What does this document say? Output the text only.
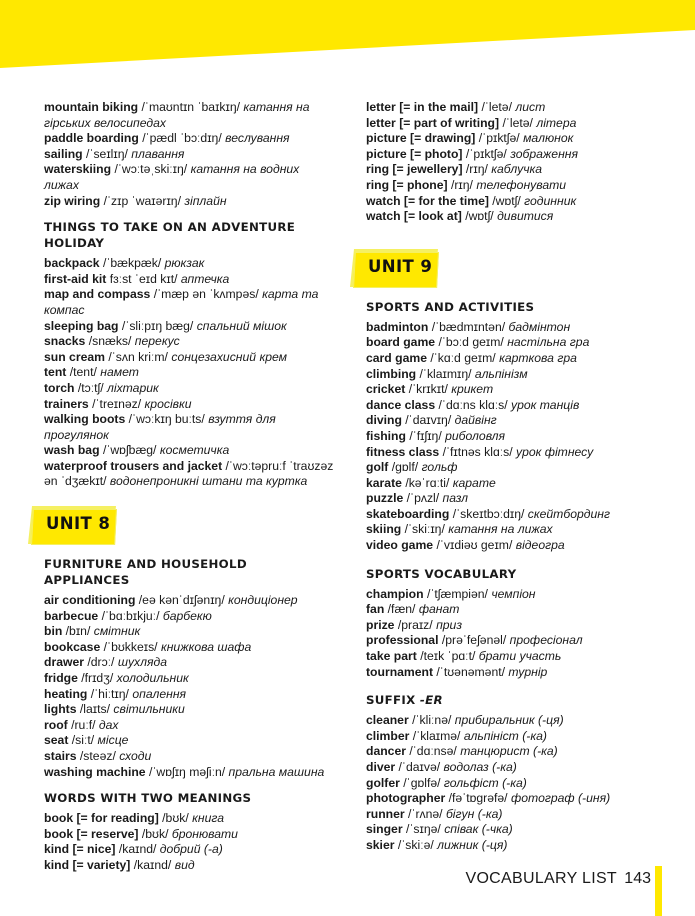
mountain biking /ˈmaʊntɪn ˈbaɪkɪŋ/ катання на гірських велосипедах

paddle boarding /ˈpædl ˈbɔːdɪŋ/ веслування

sailing /ˈseɪlɪŋ/ плавання

waterskiing /ˈwɔːtəˌskiːɪŋ/ катання на водних лижах

zip wiring /ˈzɪp ˈwaɪərɪŋ/ зіплайн

THINGS TO TAKE ON AN ADVENTURE HOLIDAY

backpack /ˈbækpæk/ рюкзак

first-aid kit fɜːst ˈeɪd kɪt/ аптечка

map and compass /ˈmæp ən ˈkʌmpəs/ карта та компас

sleeping bag /ˈsliːpɪŋ bæg/ спальний мішок

snacks /snæks/ перекус

sun cream /ˈsʌn kriːm/ сонцезахисний крем

tent /tent/ намет

torch /tɔːtʃ/ ліхтарик

trainers /ˈtreɪnəz/ кросівки

walking boots /ˈwɔːkɪŋ buːts/ взуття для прогулянок

wash bag /ˈwɒʃbæg/ косметичка

waterproof trousers and jacket /ˈwɔːtəpruːf ˈtraʊzəz ən ˈdʒækɪt/ водонепроникні штани та куртка

UNIT 8
FURNITURE AND HOUSEHOLD APPLIANCES

air conditioning /eə kənˈdɪʃənɪŋ/ кондиціонер

barbecue /ˈbɑːbɪkjuː/ барбекю

bin /bɪn/ смітник

bookcase /ˈbʊkkeɪs/ книжкова шафа

drawer /drɔː/ шухляда

fridge /frɪdʒ/ холодильник

heating /ˈhiːtɪŋ/ опалення

lights /laɪts/ світильники

roof /ruːf/ дах

seat /siːt/ місце

stairs /steəz/ сходи

washing machine /ˈwɒʃɪŋ məʃiːn/ пральна машина

WORDS WITH TWO MEANINGS

book [= for reading] /bʊk/ книга

book [= reserve] /bʊk/ бронювати

kind [= nice] /kaɪnd/ добрий (-а)

kind [= variety] /kaɪnd/ вид

letter [= in the mail] /ˈletə/ лист

letter [= part of writing] /ˈletə/ літера

picture [= drawing] /ˈpɪktʃə/ малюнок

picture [= photo] /ˈpɪktʃə/ зображення

ring [= jewellery] /rɪŋ/ каблучка

ring [= phone] /rɪŋ/ телефонувати

watch [= for the time] /wɒtʃ/ годинник

watch [= look at] /wɒtʃ/ дивитися

UNIT 9
SPORTS AND ACTIVITIES

badminton /ˈbædmɪntən/ бадмінтон

board game /ˈbɔːd geɪm/ настільна гра

card game /ˈkɑːd geɪm/ карткова гра

climbing /ˈklaɪmɪŋ/ альпінізм

cricket /ˈkrɪkɪt/ крикет

dance class /ˈdɑːns klɑːs/ урок танців

diving /ˈdaɪvɪŋ/ дайвінг

fishing /ˈfɪʃɪŋ/ риболовля

fitness class /ˈfɪtnəs klɑːs/ урок фітнесу

golf /gɒlf/ гольф

karate /kəˈrɑːti/ карате

puzzle /ˈpʌzl/ пазл

skateboarding /ˈskeɪtbɔːdɪŋ/ скейтбординг

skiing /ˈskiːɪŋ/ катання на лижах

video game /ˈvɪdiəʊ geɪm/ відеогра

SPORTS VOCABULARY

champion /ˈtʃæmpiən/ чемпіон

fan /fæn/ фанат

prize /praɪz/ приз

professional /prəˈfeʃənəl/ професіонал

take part /teɪk ˈpɑːt/ брати участь

tournament /ˈtʊənəmənt/ турнір

SUFFIX -ER

cleaner /ˈkliːnə/ прибиральник (-ця)

climber /ˈklaɪmə/ альпініст (-ка)

dancer /ˈdɑːnsə/ танцюрист (-ка)

diver /ˈdaɪvə/ водолаз (-ка)

golfer /ˈgɒlfə/ гольфіст (-ка)

photographer /fəˈtɒgrəfə/ фотограф (-иня)

runner /ˈrʌnə/ бігун (-ка)

singer /ˈsɪŋə/ співак (-чка)

skier /ˈskiːə/ лижник (-ця)

VOCABULARY LIST 143
